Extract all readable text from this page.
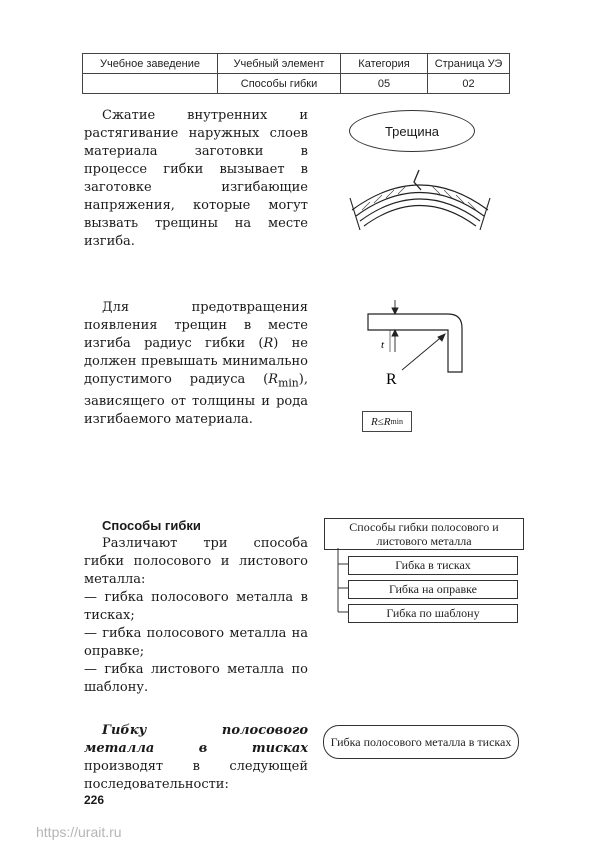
Учебное заведение	Учебный элемент	Категория	Страница УЭ
	Способы гибки	05	02

Сжатие внутренних и растягивание наружных слоев материала заготовки в процессе гибки вызывает в заготовке изгибающие напряжения, которые могут вызвать трещины на месте изгиба.

Трещина

Для предотвращения появления трещин в месте изгиба радиус гибки (R) не должен превышать минимально допустимого радиуса $(R_{min})$, зависящего от толщины и рода изгибаемого материала.

t
R
R ≤ R min

Способы гибки

Различают три способа гибки полосового и листового металла:

— гибка полосового металла в тисках;

— гибка полосового металла на оправке;

— гибка листового металла по шаблону.

Способы гибки полосового и листового металла
Гибка в тисках
Гибка на оправке
Гибка по шаблону

Гибку полосового металла в тисках производят в следующей последовательности:

Гибка полосового металла в тисках
226
https://urait.ru
